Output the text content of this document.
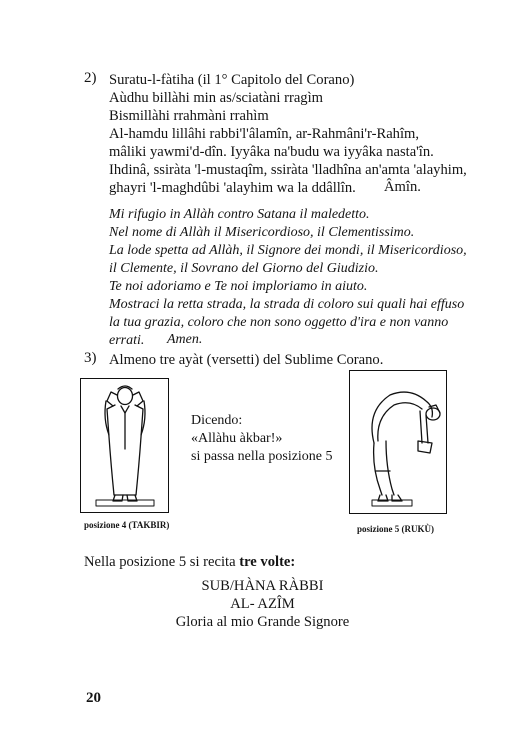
2) Suratu-l-fàtiha (il 1° Capitolo del Corano)
Aùdhu billàhi min as/sciatàni rragìm
Bismillàhi rrahmàni rrahìm
Al-hamdu lillâhi rabbi'l'âlamîn, ar-Rahmâni'r-Rahîm,
mâliki yawmi'd-dîn. Iyyâka na'budu wa iyyâka nasta'în.
Ihdinâ, ssiràta 'l-mustaqîm, ssiràta 'lladhîna an'amta 'alayhim,
ghayri 'l-maghdûbi 'alayhim wa la ddâllîn. Âmîn.
Mi rifugio in Allàh contro Satana il maledetto.
Nel nome di Allàh il Misericordioso, il Clementissimo.
La lode spetta ad Allàh, il Signore dei mondi, il Misericordioso,
il Clemente, il Sovrano del Giorno del Giudizio.
Te noi adoriamo e Te noi imploriamo in aiuto.
Mostraci la retta strada, la strada di coloro sui quali hai effuso
la tua grazia, coloro che non sono oggetto d'ira e non vanno
errati. Amen.
3) Almeno tre ayàt (versetti) del Sublime Corano.
posizione 4 (TAKBIR)
Dicendo:
«Allàhu àkbar!»
si passa nella posizione 5
posizione 5 (RUKÙ)
Nella posizione 5 si recita tre volte:
SUB/HÀNA RÀBBI
AL- AZÎM
Gloria al mio Grande Signore
20
